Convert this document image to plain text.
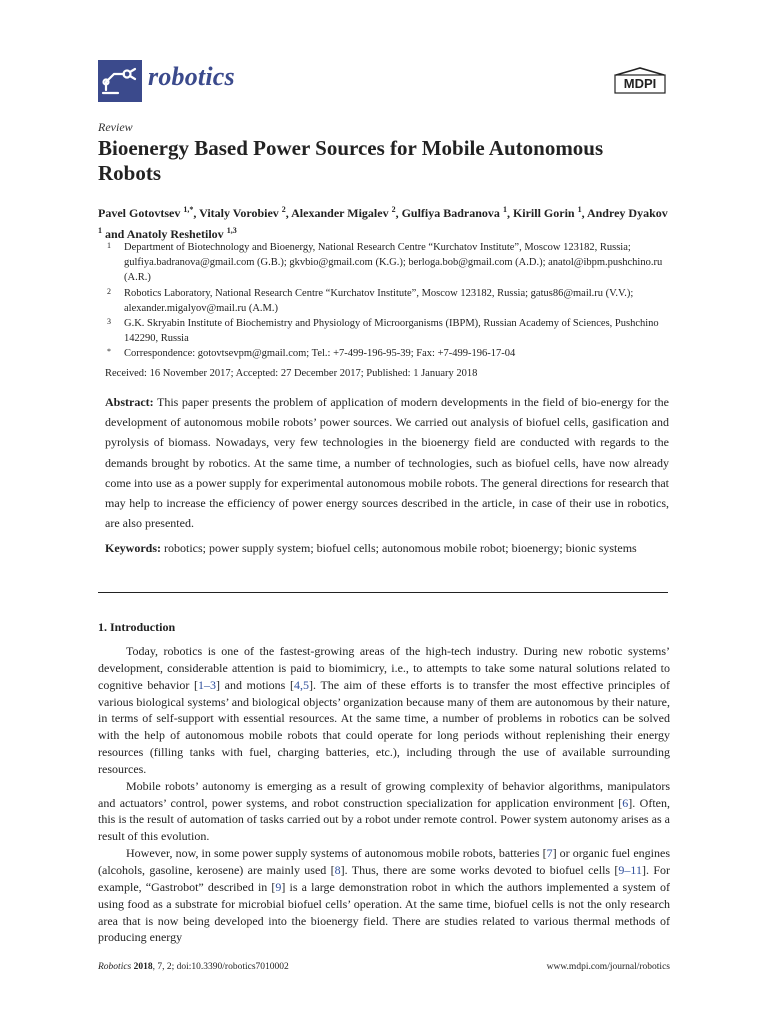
robotics	MDPI
Review
Bioenergy Based Power Sources for Mobile Autonomous Robots
Pavel Gotovtsev $^{1,*}$, Vitaly Vorobiev $^2$, Alexander Migalev $^2$, Gulfiya Badranova $^1$, Kirill Gorin $^1$, Andrey Dyakov $^1$ and Anatoly Reshetilov $^{1,3}$
1	Department of Biotechnology and Bioenergy, National Research Centre “Kurchatov Institute”, Moscow 123182, Russia; gulfiya.badranova@gmail.com (G.B.); gkvbio@gmail.com (K.G.); berloga.bob@gmail.com (A.D.); anatol@ibpm.pushchino.ru (A.R.)
2	Robotics Laboratory, National Research Centre “Kurchatov Institute”, Moscow 123182, Russia; gatus86@mail.ru (V.V.); alexander.migalyov@mail.ru (A.M.)
3	G.K. Skryabin Institute of Biochemistry and Physiology of Microorganisms (IBPM), Russian Academy of Sciences, Pushchino 142290, Russia
*	Correspondence: gotovtsevpm@gmail.com; Tel.: +7-499-196-95-39; Fax: +7-499-196-17-04
Received: 16 November 2017; Accepted: 27 December 2017; Published: 1 January 2018
Abstract: This paper presents the problem of application of modern developments in the field of bio-energy for the development of autonomous mobile robots’ power sources. We carried out analysis of biofuel cells, gasification and pyrolysis of biomass. Nowadays, very few technologies in the bioenergy field are conducted with regards to the demands brought by robotics. At the same time, a number of technologies, such as biofuel cells, have now already come into use as a power supply for experimental autonomous mobile robots. The general directions for research that may help to increase the efficiency of power energy sources described in the article, in case of their use in robotics, are also presented.
Keywords: robotics; power supply system; biofuel cells; autonomous mobile robot; bioenergy; bionic systems
1. Introduction

Today, robotics is one of the fastest-growing areas of the high-tech industry. During new robotic systems’ development, considerable attention is paid to biomimicry, i.e., to attempts to take some natural solutions related to cognitive behavior [1–3] and motions [4,5]. The aim of these efforts is to transfer the most effective principles of various biological systems’ and biological objects’ organization because many of them are autonomous by their nature, in terms of self-support with essential resources. At the same time, a number of problems in robotics can be solved with the help of autonomous mobile robots that could operate for long periods without replenishing their energy resources (filling tanks with fuel, charging batteries, etc.), including through the use of available surrounding resources.

Mobile robots’ autonomy is emerging as a result of growing complexity of behavior algorithms, manipulators and actuators’ control, power systems, and robot construction specialization for application environment [6]. Often, this is the result of automation of tasks carried out by a robot under remote control. Power system autonomy arises as a result of this evolution.

However, now, in some power supply systems of autonomous mobile robots, batteries [7] or organic fuel engines (alcohols, gasoline, kerosene) are mainly used [8]. Thus, there are some works devoted to biofuel cells [9–11]. For example, “Gastrobot” described in [9] is a large demonstration robot in which the authors implemented a system of using food as a substrate for microbial biofuel cells’ operation. At the same time, biofuel cells is not the only research area that is now being developed into the bioenergy field. There are studies related to various thermal methods of producing energy

Robotics 2018, 7, 2; doi:10.3390/robotics7010002	www.mdpi.com/journal/robotics
